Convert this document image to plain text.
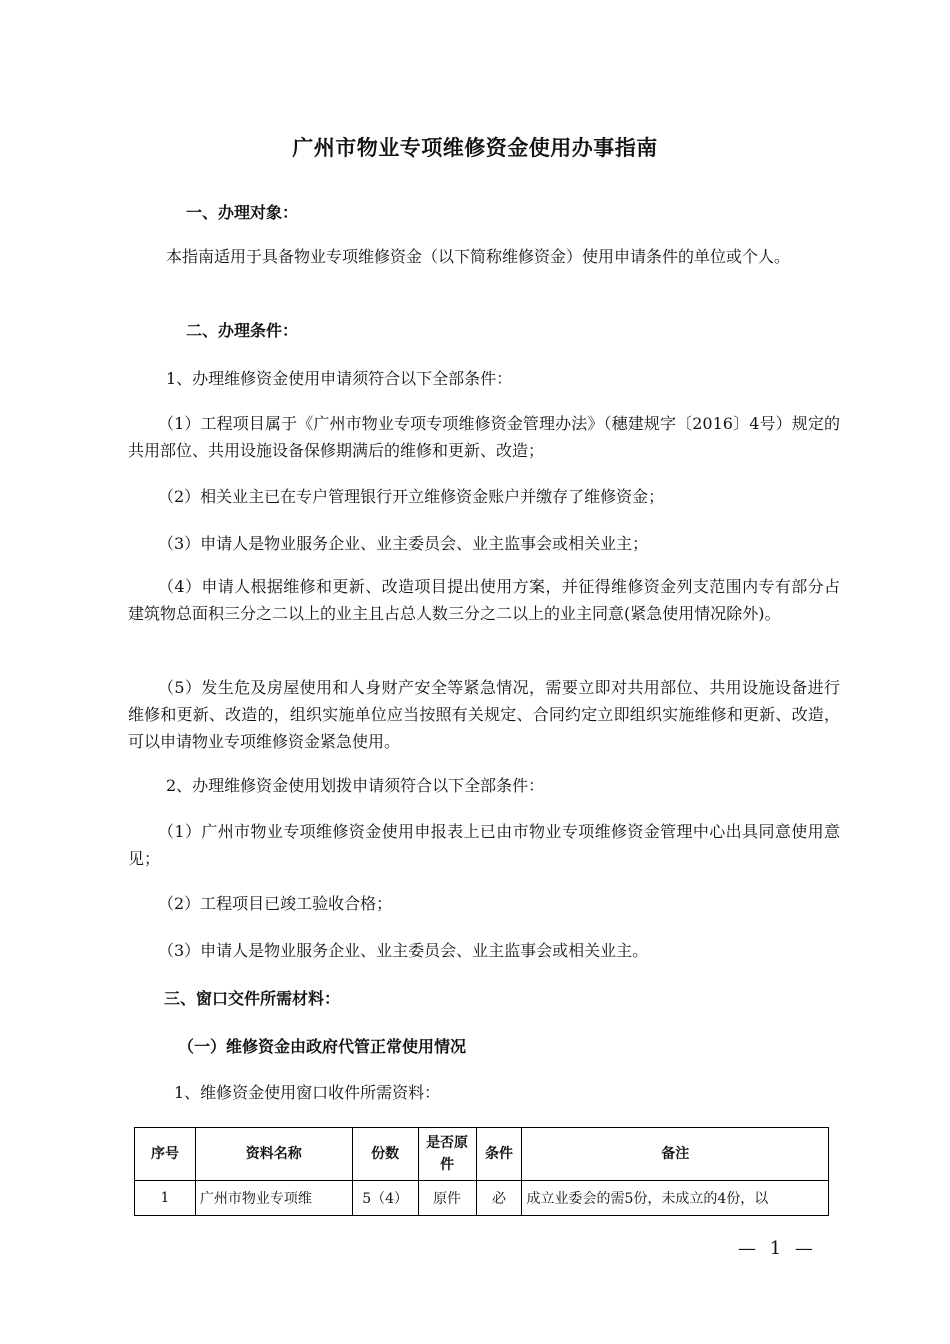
广州市物业专项维修资金使用办事指南
一、办理对象：
本指南适用于具备物业专项维修资金（以下简称维修资金）使用申请条件的单位或个人。
二、办理条件：
1、办理维修资金使用申请须符合以下全部条件：
（1）工程项目属于《广州市物业专项专项维修资金管理办法》（穗建规字〔2016〕4号）规定的共用部位、共用设施设备保修期满后的维修和更新、改造；
（2）相关业主已在专户管理银行开立维修资金账户并缴存了维修资金；
（3）申请人是物业服务企业、业主委员会、业主监事会或相关业主；
（4）申请人根据维修和更新、改造项目提出使用方案，并征得维修资金列支范围内专有部分占建筑物总面积三分之二以上的业主且占总人数三分之二以上的业主同意(紧急使用情况除外)。
（5）发生危及房屋使用和人身财产安全等紧急情况，需要立即对共用部位、共用设施设备进行维修和更新、改造的，组织实施单位应当按照有关规定、合同约定立即组织实施维修和更新、改造，可以申请物业专项维修资金紧急使用。
2、办理维修资金使用划拨申请须符合以下全部条件：
（1）广州市物业专项维修资金使用申报表上已由市物业专项维修资金管理中心出具同意使用意见；
（2）工程项目已竣工验收合格；
（3）申请人是物业服务企业、业主委员会、业主监事会或相关业主。
三、窗口交件所需材料：
（一）维修资金由政府代管正常使用情况
1、维修资金使用窗口收件所需资料：
序号	资料名称	份数	是否原件	条件	备注
1	广州市物业专项维	5（4）	原件	必	成立业委会的需5份，未成立的4份，以
— 1 —
